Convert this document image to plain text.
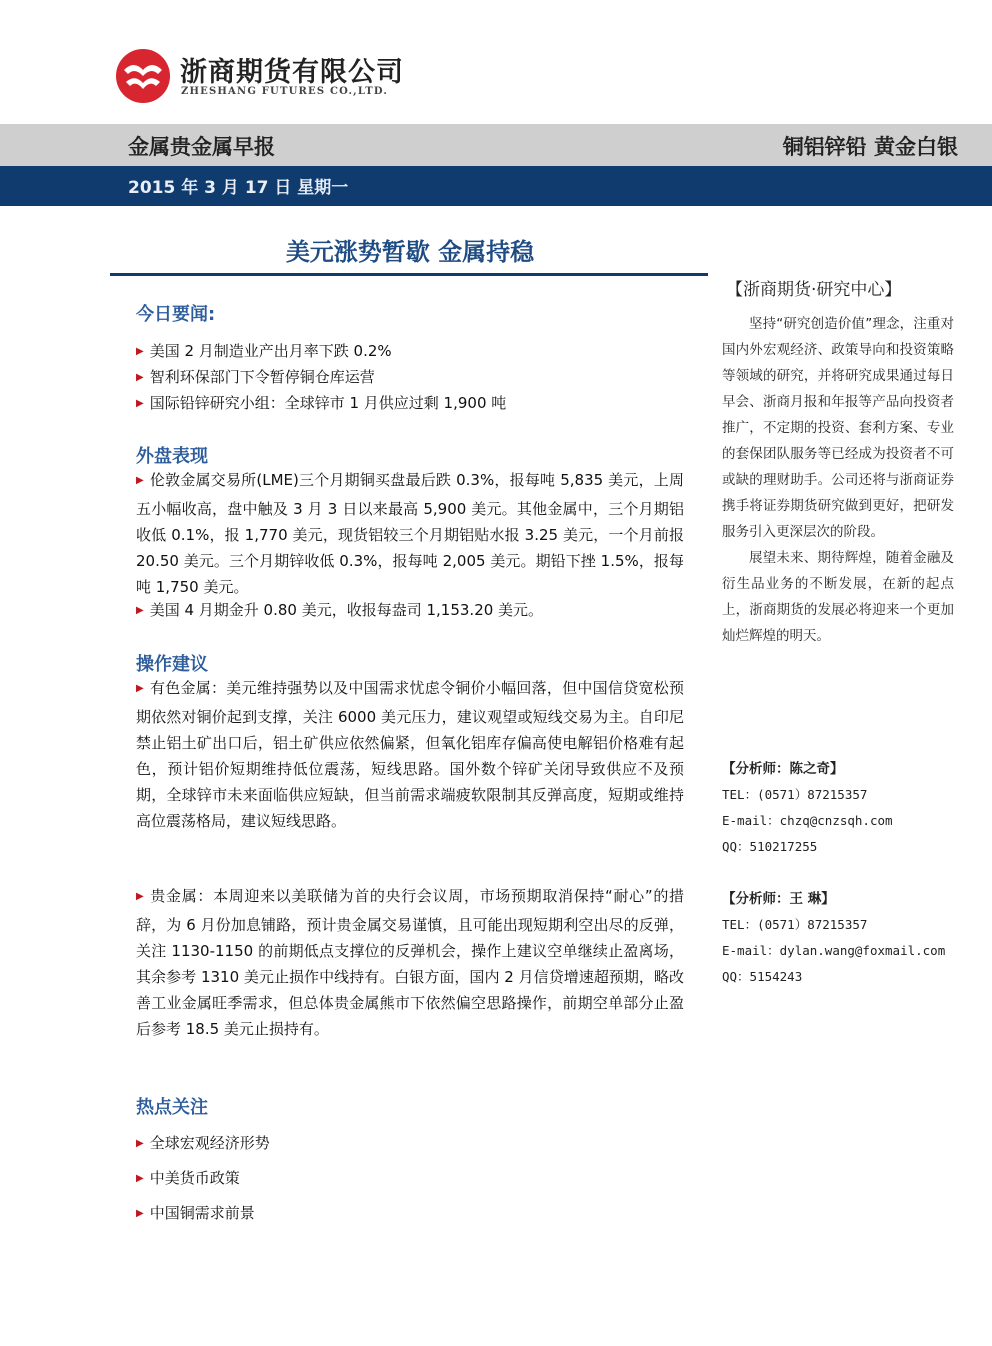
浙商期货有限公司
ZHESHANG FUTURES CO.,LTD.
金属贵金属早报	铜铝锌铅 黄金白银
2015 年 3 月 17 日 星期一
美元涨势暂歇 金属持稳
今日要闻:
▶ 美国 2 月制造业产出月率下跌 0.2%
▶ 智利环保部门下令暂停铜仓库运营
▶ 国际铅锌研究小组：全球锌市 1 月供应过剩 1,900 吨
外盘表现
▶ 伦敦金属交易所(LME)三个月期铜买盘最后跌 0.3%，报每吨 5,835 美元，上周五小幅收高，盘中触及 3 月 3 日以来最高 5,900 美元。其他金属中，三个月期铝收低 0.1%，报 1,770 美元，现货铝较三个月期铝贴水报 3.25 美元，一个月前报 20.50 美元。三个月期锌收低 0.3%，报每吨 2,005 美元。期铅下挫 1.5%，报每吨 1,750 美元。
▶ 美国 4 月期金升 0.80 美元，收报每盎司 1,153.20 美元。
操作建议
▶ 有色金属：美元维持强势以及中国需求忧虑令铜价小幅回落，但中国信贷宽松预期依然对铜价起到支撑，关注 6000 美元压力，建议观望或短线交易为主。自印尼禁止铝土矿出口后，铝土矿供应依然偏紧，但氧化铝库存偏高使电解铝价格难有起色，预计铝价短期维持低位震荡，短线思路。国外数个锌矿关闭导致供应不及预期，全球锌市未来面临供应短缺，但当前需求端疲软限制其反弹高度，短期或维持高位震荡格局，建议短线思路。
▶ 贵金属：本周迎来以美联储为首的央行会议周，市场预期取消保持“耐心”的措辞，为 6 月份加息铺路，预计贵金属交易谨慎，且可能出现短期利空出尽的反弹，关注 1130-1150 的前期低点支撑位的反弹机会，操作上建议空单继续止盈离场，其余参考 1310 美元止损作中线持有。白银方面，国内 2 月信贷增速超预期，略改善工业金属旺季需求，但总体贵金属熊市下依然偏空思路操作，前期空单部分止盈后参考 18.5 美元止损持有。
热点关注
▶ 全球宏观经济形势
▶ 中美货币政策
▶ 中国铜需求前景
【浙商期货·研究中心】

坚持“研究创造价值”理念，注重对国内外宏观经济、政策导向和投资策略等领域的研究，并将研究成果通过每日早会、浙商月报和年报等产品向投资者推广，不定期的投资、套利方案、专业的套保团队服务等已经成为投资者不可或缺的理财助手。公司还将与浙商证券携手将证券期货研究做到更好，把研发服务引入更深层次的阶段。

展望未来、期待辉煌，随着金融及衍生品业务的不断发展，在新的起点上，浙商期货的发展必将迎来一个更加灿烂辉煌的明天。

【分析师：陈之奇】
TEL：(0571）87215357
E-mail：chzq@cnzsqh.com
QQ：510217255
【分析师：王 琳】
TEL：(0571）87215357
E-mail：dylan.wang@foxmail.com
QQ：5154243
